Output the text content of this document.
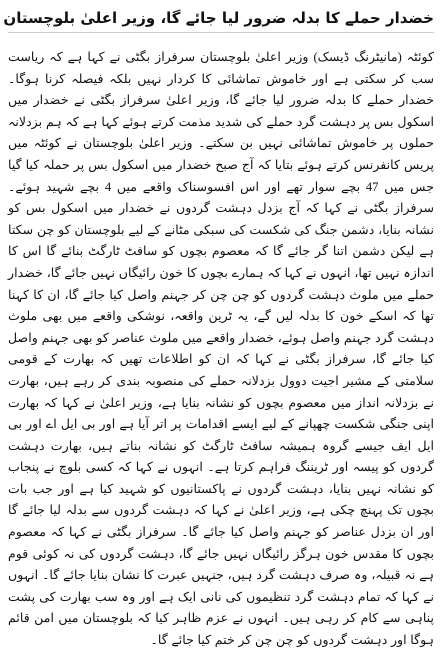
خضدار حملے کا بدلہ ضرور لیا جائے گا، وزیر اعلیٰ بلوچستان

کوئٹہ (مانیٹرنگ ڈیسک) وزیر اعلیٰ بلوچستان سرفراز بگٹی نے کہا ہے کہ ریاست سب کر سکتی ہے اور خاموش تماشائی کا کردار نہیں بلکہ فیصلہ کرنا ہوگا۔ خضدار حملے کا بدلہ ضرور لیا جائے گا، وزیر اعلیٰ سرفراز بگٹی نے خضدار میں اسکول بس پر دہشت گرد حملے کی شدید مذمت کرتے ہوئے کہا ہے کہ ہم بزدلانہ حملوں پر خاموش تماشائی نہیں بن سکتے۔ وزیر اعلیٰ بلوچستان نے کوئٹہ میں پریس کانفرنس کرتے ہوئے بتایا کہ آج صبح خضدار میں اسکول بس پر حملہ کیا گیا جس میں 47 بچے سوار تھے اور اس افسوسناک واقعے میں 4 بچے شہید ہوئے۔ سرفراز بگٹی نے کہا کہ آج بزدل دہشت گردوں نے خضدار میں اسکول بس کو نشانہ بنایا، دشمن جنگ کی شکست کی سبکی مٹانے کے لیے بلوچستان کو چن سکتا ہے لیکن دشمن اتنا گر جائے گا کہ معصوم بچوں کو سافٹ ٹارگٹ بنائے گا اس کا اندازہ نہیں تھا، انہوں نے کہا کہ ہمارے بچوں کا خون رائیگاں نہیں جائے گا، خضدار حملے میں ملوث دہشت گردوں کو چن چن کر جہنم واصل کیا جائے گا، ان کا کہنا تھا کہ اسکے خون کا بدلہ لیں گے، یہ ٹرین واقعہ، نوشکی واقعے میں بھی ملوث دہشت گرد جہنم واصل ہوئے، خضدار واقعے میں ملوث عناصر کو بھی جہنم واصل کیا جائے گا، سرفراز بگٹی نے کہا کہ ان کو اطلاعات تھیں کہ بھارت کے قومی سلامتی کے مشیر اجیت دوول بزدلانہ حملے کی منصوبہ بندی کر رہے ہیں، بھارت نے بزدلانہ انداز میں معصوم بچوں کو نشانہ بنایا ہے، وزیر اعلیٰ نے کہا کہ بھارت اپنی جنگی شکست چھپانے کے لیے ایسے اقدامات پر اتر آیا ہے اور بی ایل اے اور بی ایل ایف جیسے گروہ ہمیشہ سافٹ ٹارگٹ کو نشانہ بناتے ہیں، بھارت دہشت گردوں کو پیسہ اور ٹریننگ فراہم کرتا ہے۔ انہوں نے کہا کہ کسی بلوچ نے پنجاب کو نشانہ نہیں بنایا، دہشت گردوں نے پاکستانیوں کو شہید کیا ہے اور جب بات بچوں تک پہنچ چکی ہے، وزیر اعلیٰ نے کہا کہ دہشت گردوں سے بدلہ لیا جائے گا اور ان بزدل عناصر کو جہنم واصل کیا جائے گا۔ سرفراز بگٹی نے کہا کہ معصوم بچوں کا مقدس خون ہرگز رائیگاں نہیں جائے گا، دہشت گردوں کی نہ کوئی قوم ہے نہ قبیلہ، وہ صرف دہشت گرد ہیں، جنہیں عبرت کا نشان بنایا جائے گا۔ انہوں نے کہا کہ تمام دہشت گرد تنظیموں کی نانی ایک ہے اور وہ سب بھارت کی پشت پناہی سے کام کر رہی ہیں۔ انہوں نے عزم ظاہر کیا کہ بلوچستان میں امن قائم ہوگا اور دہشت گردوں کو چن چن کر ختم کیا جائے گا۔
